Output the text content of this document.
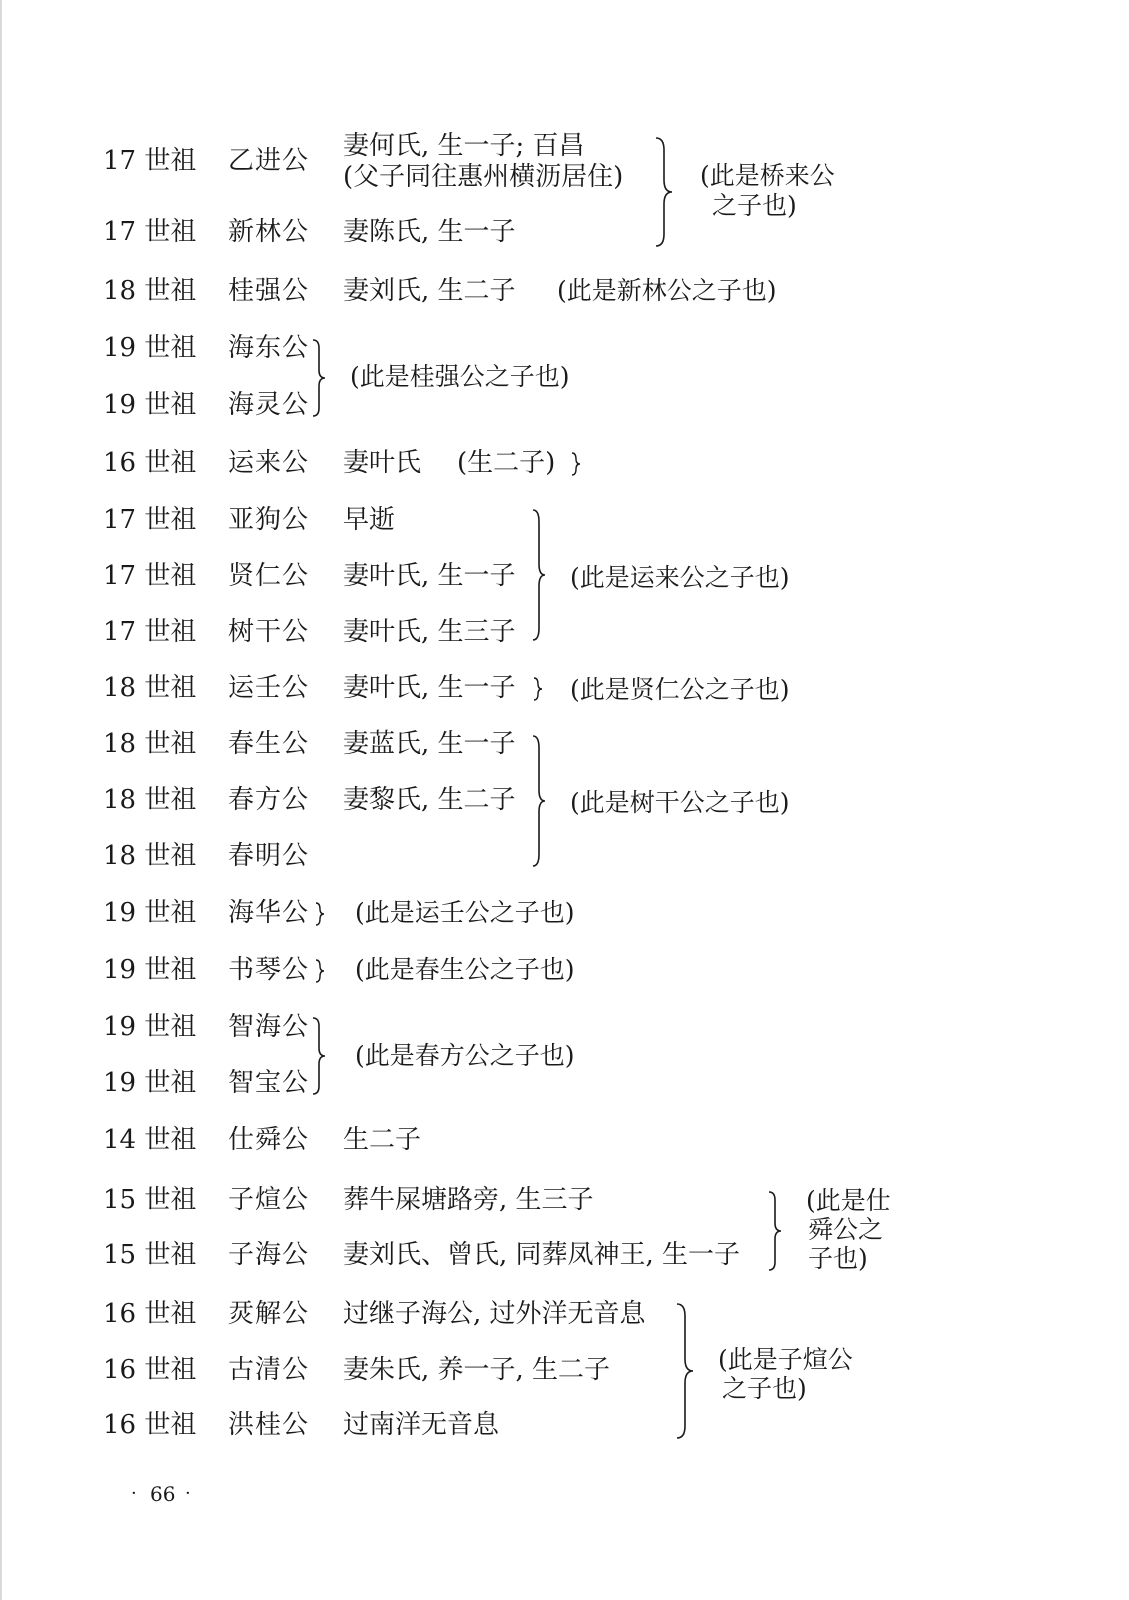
17 世祖 乙进公 妻何氏, 生一子; 百昌
(父子同往惠州横沥居住)
17 世祖 新林公 妻陈氏, 生一子
(此是桥来公
之子也)
18 世祖 桂强公 妻刘氏, 生二子 (此是新林公之子也)
19 世祖 海东公
19 世祖 海灵公
(此是桂强公之子也)
16 世祖 运来公 妻叶氏 (生二子)
17 世祖 亚狗公 早逝
17 世祖 贤仁公 妻叶氏, 生一子
17 世祖 树干公 妻叶氏, 生三子
(此是运来公之子也)
18 世祖 运壬公 妻叶氏, 生一子 (此是贤仁公之子也)
18 世祖 春生公 妻蓝氏, 生一子
18 世祖 春方公 妻黎氏, 生二子
18 世祖 春明公
(此是树干公之子也)
19 世祖 海华公 (此是运壬公之子也)
19 世祖 书琴公 (此是春生公之子也)
19 世祖 智海公
19 世祖 智宝公
(此是春方公之子也)
14 世祖 仕舜公 生二子
15 世祖 子煊公 葬牛屎塘路旁, 生三子
15 世祖 子海公 妻刘氏、曾氏, 同葬凤神王, 生一子
(此是仕
舜公之
子也)
16 世祖 烎解公 过继子海公, 过外洋无音息
16 世祖 古清公 妻朱氏, 养一子, 生二子
16 世祖 洪桂公 过南洋无音息
(此是子煊公
之子也)
· 66 ·
